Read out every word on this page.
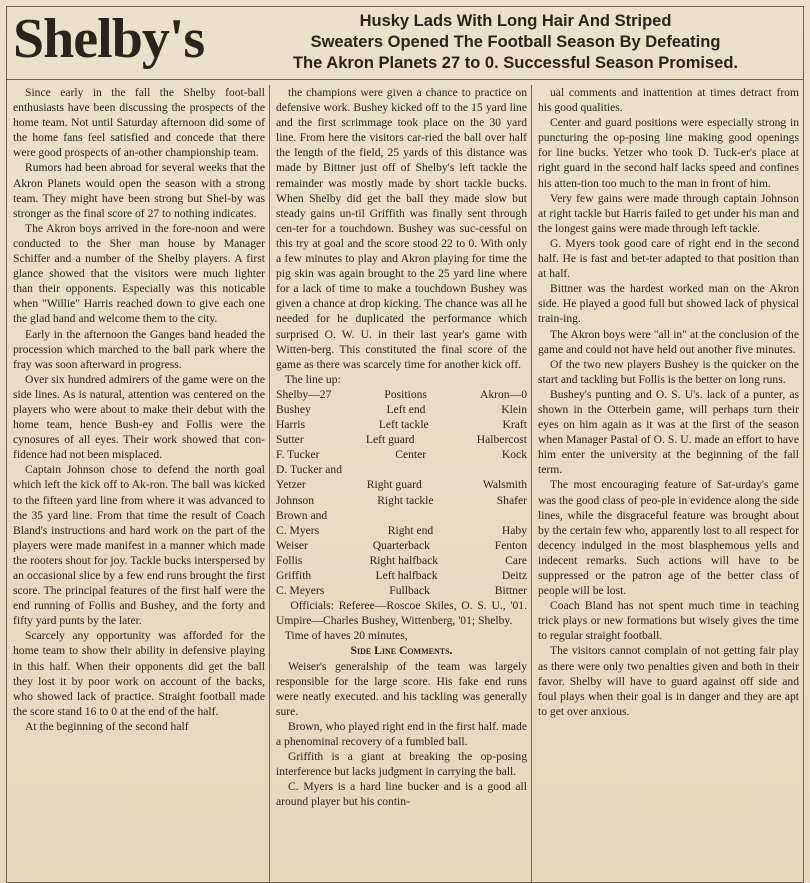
Shelby's	Husky Lads With Long Hair And Striped
Sweaters Opened The Football Season By Defeating
The Akron Planets 27 to 0. Successful Season Promised.

Since early in the fall the Shelby foot-ball enthusiasts have been discussing the prospects of the home team. Not until Saturday afternoon did some of the home fans feel satisfied and concede that there were good prospects of an-other championship team.

Rumors had been abroad for several weeks that the Akron Planets would open the season with a strong team. They might have been strong but Shel-by was stronger as the final score of 27 to nothing indicates.

The Akron boys arrived in the fore-noon and were conducted to the Sher man house by Manager Schiffer and a number of the Shelby players. A first glance showed that the visitors were much lighter than their opponents. Especially was this noticable when "Willie" Harris reached down to give each one the glad hand and welcome them to the city.

Early in the afternoon the Ganges band headed the procession which marched to the ball park where the fray was soon afterward in progress.

Over six hundred admirers of the game were on the side lines. As is natural, attention was centered on the players who were about to make their debut with the home team, hence Bush-ey and Follis were the cynosures of all eyes. Their work showed that con-fidence had not been misplaced.

Captain Johnson chose to defend the north goal which left the kick off to Ak-ron. The ball was kicked to the fifteen yard line from where it was advanced to the 35 yard line. From that time the result of Coach Bland's instructions and hard work on the part of the players were made manifest in a manner which made the rooters shout for joy. Tackle bucks interspersed by an occasional slice by a few end runs brought the first score. The principal features of the first half were the end running of Follis and Bushey, and the forty and fifty yard punts by the later.

Scarcely any opportunity was afforded for the home team to show their ability in defensive playing in this half. When their opponents did get the ball they lost it by poor work on account of the backs, who showed lack of practice. Straight football made the score stand 16 to 0 at the end of the half.

At the beginning of the second half

the champions were given a chance to practice on defensive work. Bushey kicked off to the 15 yard line and the first scrimmage took place on the 30 yard line. From here the visitors car-ried the ball over half the length of the field, 25 yards of this distance was made by Bittner just off of Shelby's left tackle the remainder was mostly made by short tackle bucks. When Shelby did get the ball they made slow but steady gains un-til Griffith was finally sent through cen-ter for a touchdown. Bushey was suc-cessful on this try at goal and the score stood 22 to 0. With only a few minutes to play and Akron playing for time the pig skin was again brought to the 25 yard line where for a lack of time to make a touchdown Bushey was given a chance at drop kicking. The chance was all he needed for he duplicated the performance which surprised O. W. U. in their last year's game with Witten-berg. This constituted the final score of the game as there was scarcely time for another kick off.

The line up:

Shelby—27	Positions	Akron—0

Bushey	Left end	Klein

Harris	Left tackle	Kraft

Sutter	Left guard	Halbercost

F. Tucker	Center	Kock

D. Tucker and

Yetzer	Right guard	Walsmith

Johnson	Right tackle	Shafer

Brown and

C. Myers	Right end	Haby

Weiser	Quarterback	Fenton

Follis	Right halfback	Care

Griffith	Left halfback	Deitz

C. Meyers	Fullback	Bittner

Officials: Referee—Roscoe Skiles, O. S. U., '01. Umpire—Charles Bushey, Wittenberg, '01; Shelby.

Time of haves 20 minutes,

Side Line Comments.

Weiser's generalship of the team was largely responsible for the large score. His fake end runs were neatly executed. and his tackling was generally sure.

Brown, who played right end in the first half. made a phenominal recovery of a fumbled ball.

Griffith is a giant at breaking the op-posing interference but lacks judgment in carrying the ball.

C. Myers is a hard line bucker and is a good all around player but his contin-

ual comments and inattention at times detract from his good qualities.

Center and guard positions were especially strong in puncturing the op-posing line making good openings for line bucks. Yetzer who took D. Tuck-er's place at right guard in the second half lacks speed and confines his atten-tion too much to the man in front of him.

Very few gains were made through captain Johnson at right tackle but Harris failed to get under his man and the longest gains were made through left tackle.

G. Myers took good care of right end in the second half. He is fast and bet-ter adapted to that position than at half.

Bittner was the hardest worked man on the Akron side. He played a good full but showed lack of physical train-ing.

The Akron boys were "all in" at the conclusion of the game and could not have held out another five minutes.

Of the two new players Bushey is the quicker on the start and tackling but Follis is the better on long runs.

Bushey's punting and O. S. U's. lack of a punter, as shown in the Otterbein game, will perhaps turn their eyes on him again as it was at the first of the season when Manager Pastal of O. S. U. made an effort to have him enter the university at the beginning of the fall term.

The most encouraging feature of Sat-urday's game was the good class of peo-ple in evidence along the side lines, while the disgraceful feature was brought about by the certain few who, apparently lost to all respect for decency indulged in the most blasphemous yells and indecent remarks. Such actions will have to be suppressed or the patron age of the better class of people will be lost.

Coach Bland has not spent much time in teaching trick plays or new formations but wisely gives the time to regular straight football.

The visitors cannot complain of not getting fair play as there were only two penalties given and both in their favor. Shelby will have to guard against off side and foul plays when their goal is in danger and they are apt to get over anxious.
